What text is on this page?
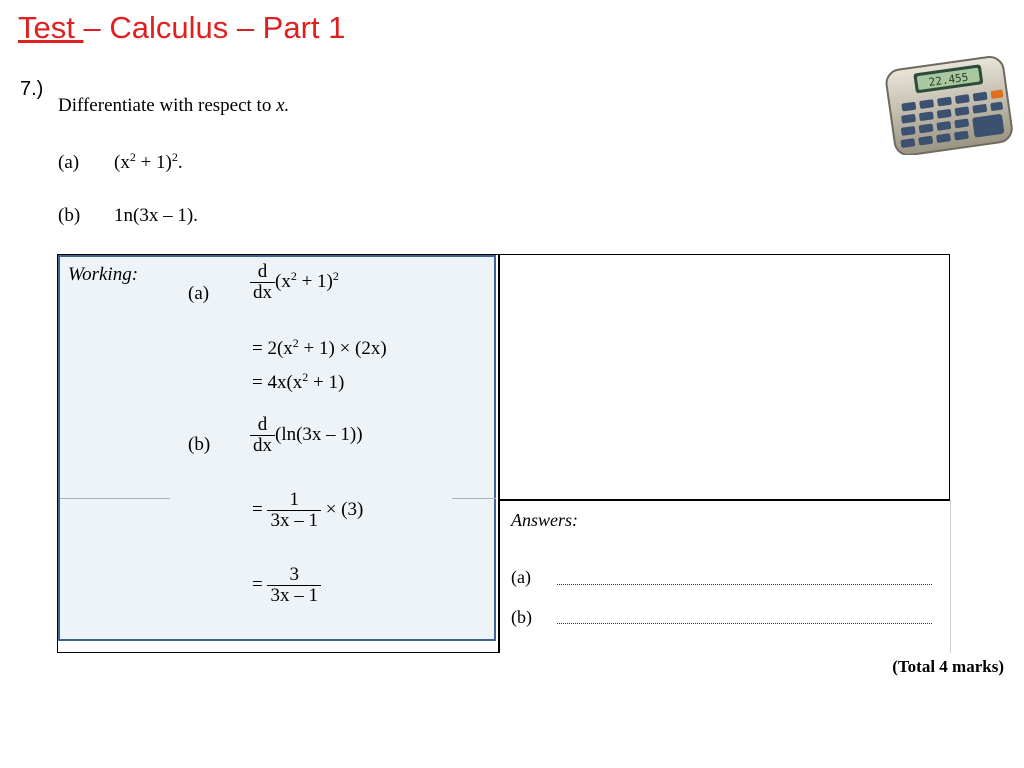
Test – Calculus – Part 1
22.455
7.)
Differentiate with respect to x.
(a) $(x^2 + 1)^2$.
(b) 1n(3x – 1).
Working:
$(a) \frac{d}{dx} (x^2 + 1)^2$
= $2(x^2 + 1) \times (2x)$
= $4x(x^2 + 1)$
$(b) \frac{d}{dx} (\ln(3x - 1))$
= $\frac{1}{3x - 1} \times (3)$
= $\frac{3}{3x - 1}$
Answers:
(a)
(b)
(Total 4 marks)
